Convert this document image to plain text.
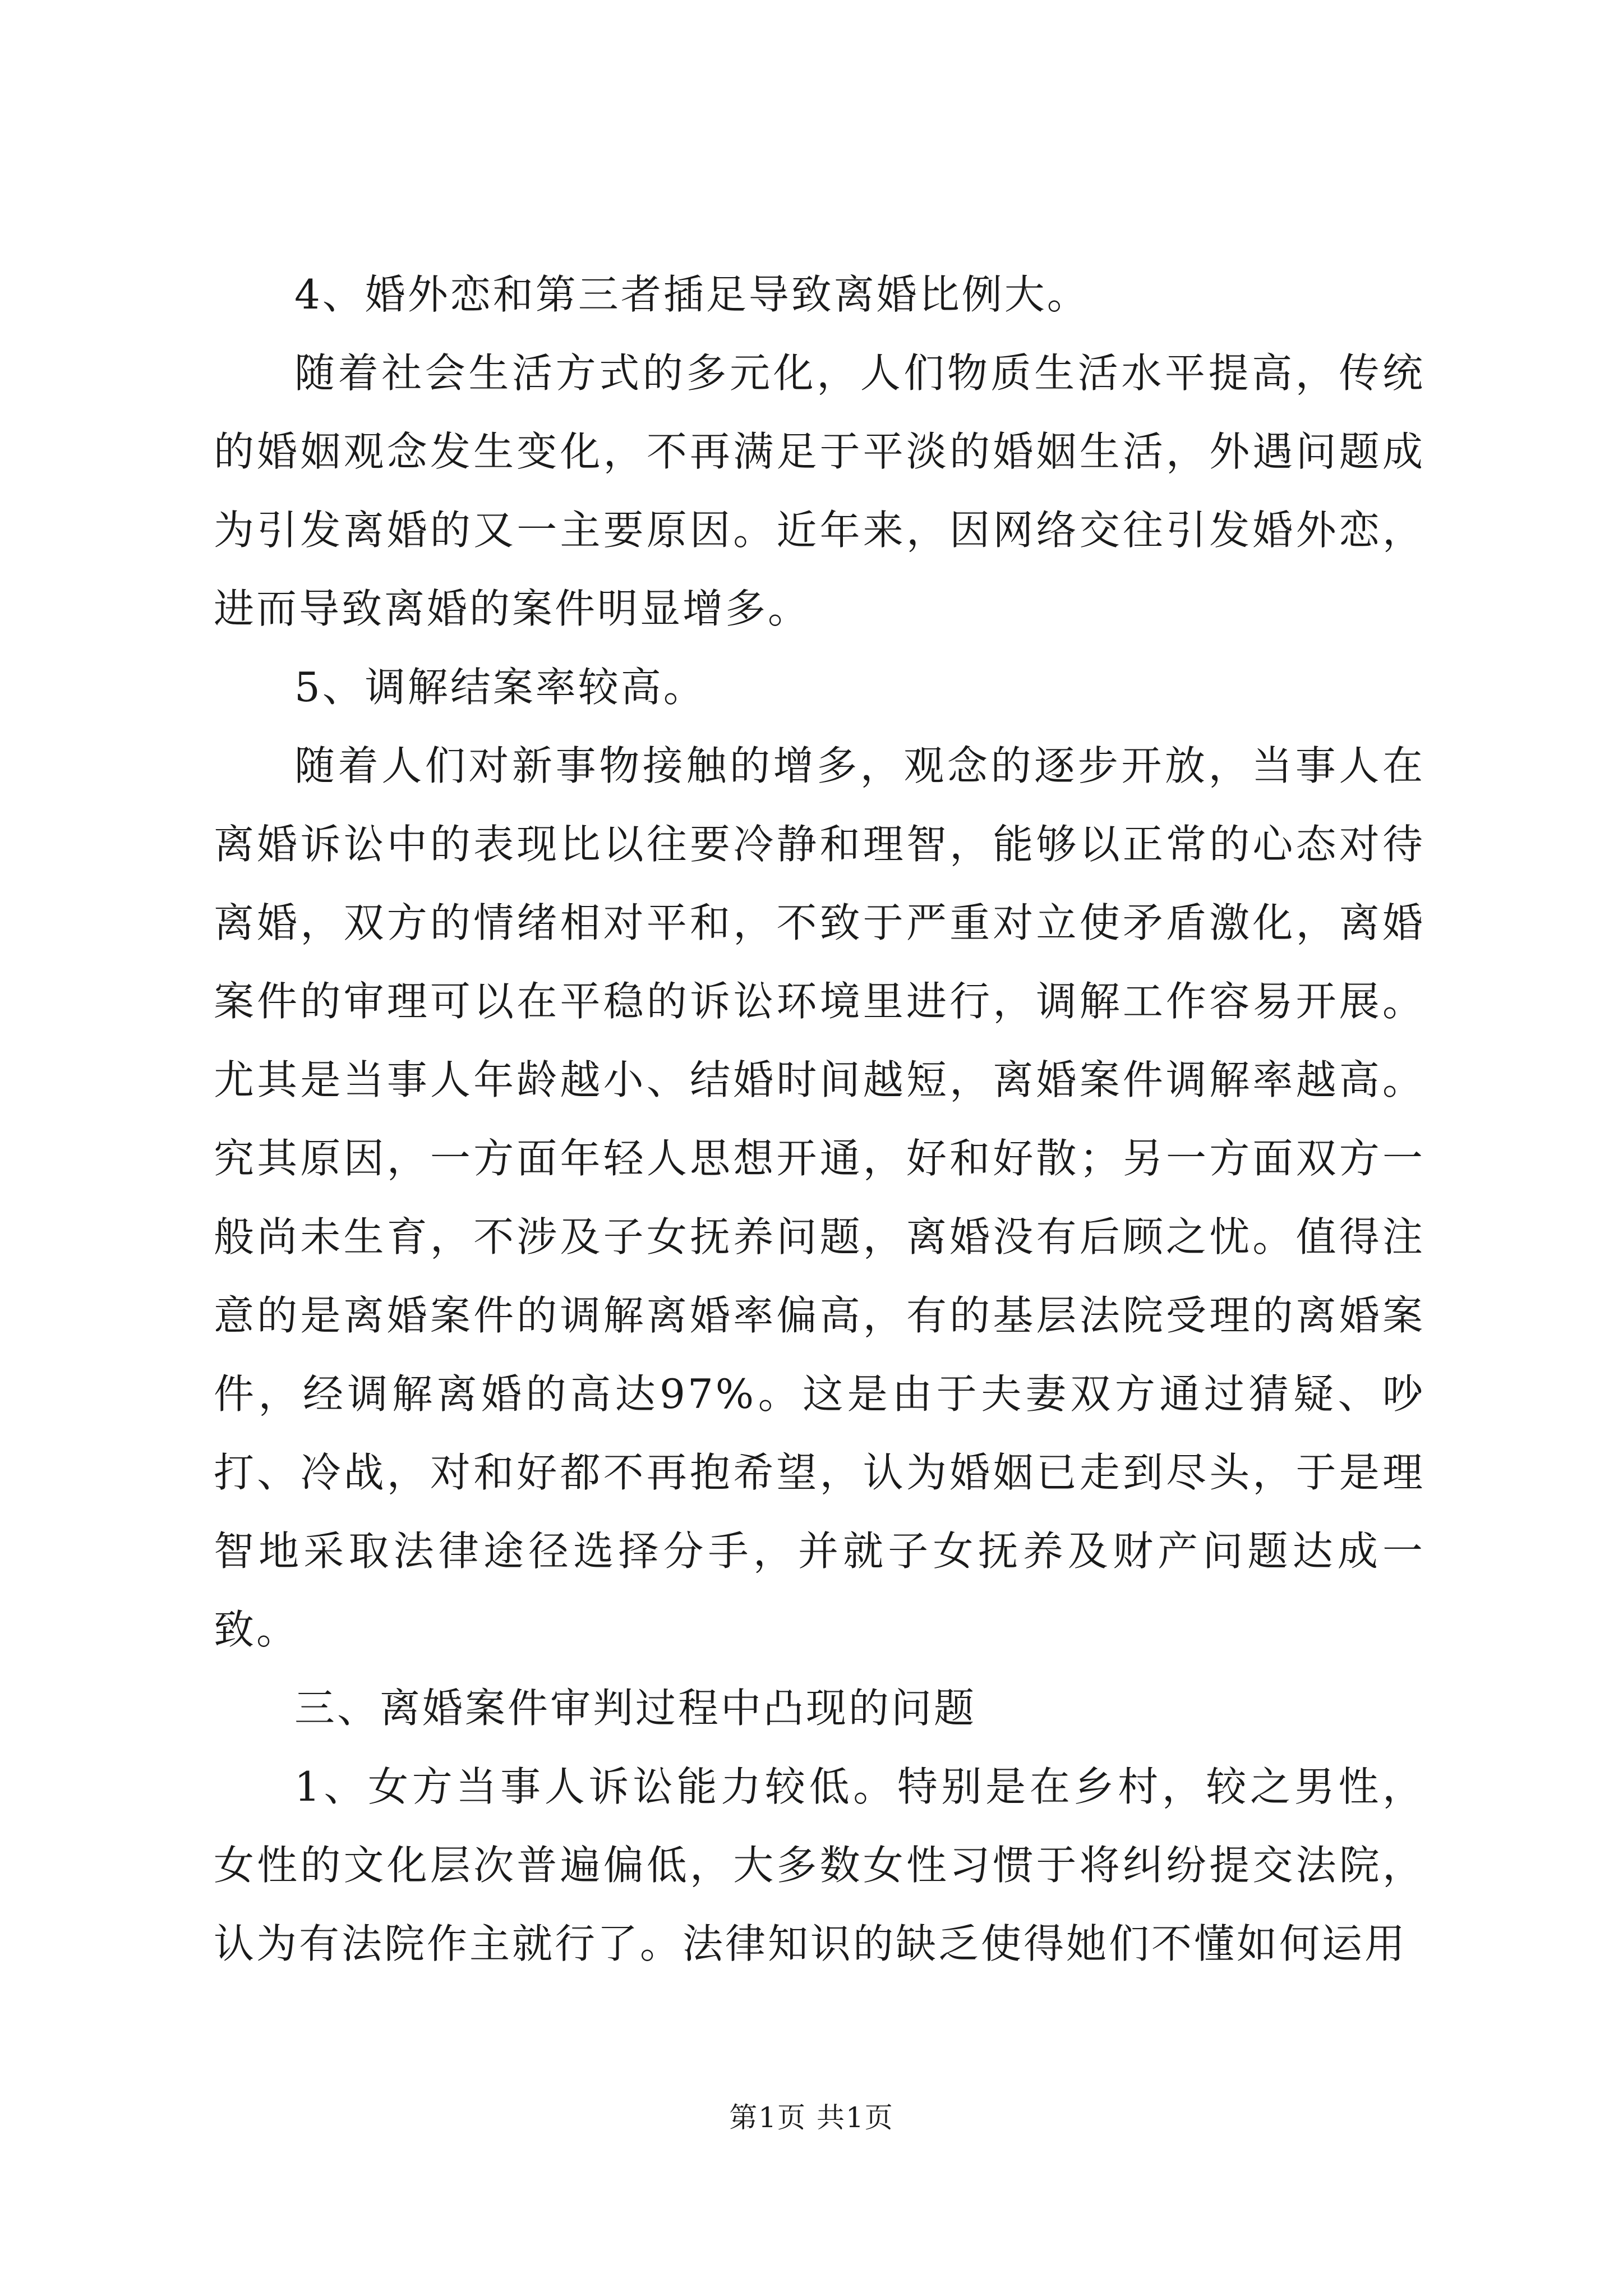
4、婚外恋和第三者插足导致离婚比例大。

随着社会生活方式的多元化，人们物质生活水平提高，传统的婚姻观念发生变化，不再满足于平淡的婚姻生活，外遇问题成为引发离婚的又一主要原因。近年来，因网络交往引发婚外恋，进而导致离婚的案件明显增多。

5、调解结案率较高。

随着人们对新事物接触的增多，观念的逐步开放，当事人在离婚诉讼中的表现比以往要冷静和理智，能够以正常的心态对待离婚，双方的情绪相对平和，不致于严重对立使矛盾激化，离婚案件的审理可以在平稳的诉讼环境里进行，调解工作容易开展。尤其是当事人年龄越小、结婚时间越短，离婚案件调解率越高。究其原因，一方面年轻人思想开通，好和好散；另一方面双方一般尚未生育，不涉及子女抚养问题，离婚没有后顾之忧。值得注意的是离婚案件的调解离婚率偏高，有的基层法院受理的离婚案件，经调解离婚的高达97%。这是由于夫妻双方通过猜疑、吵打、冷战，对和好都不再抱希望，认为婚姻已走到尽头，于是理智地采取法律途径选择分手，并就子女抚养及财产问题达成一致。

三、离婚案件审判过程中凸现的问题

1、女方当事人诉讼能力较低。特别是在乡村，较之男性，女性的文化层次普遍偏低，大多数女性习惯于将纠纷提交法院，认为有法院作主就行了。法律知识的缺乏使得她们不懂如何运用

第1页 共1页
